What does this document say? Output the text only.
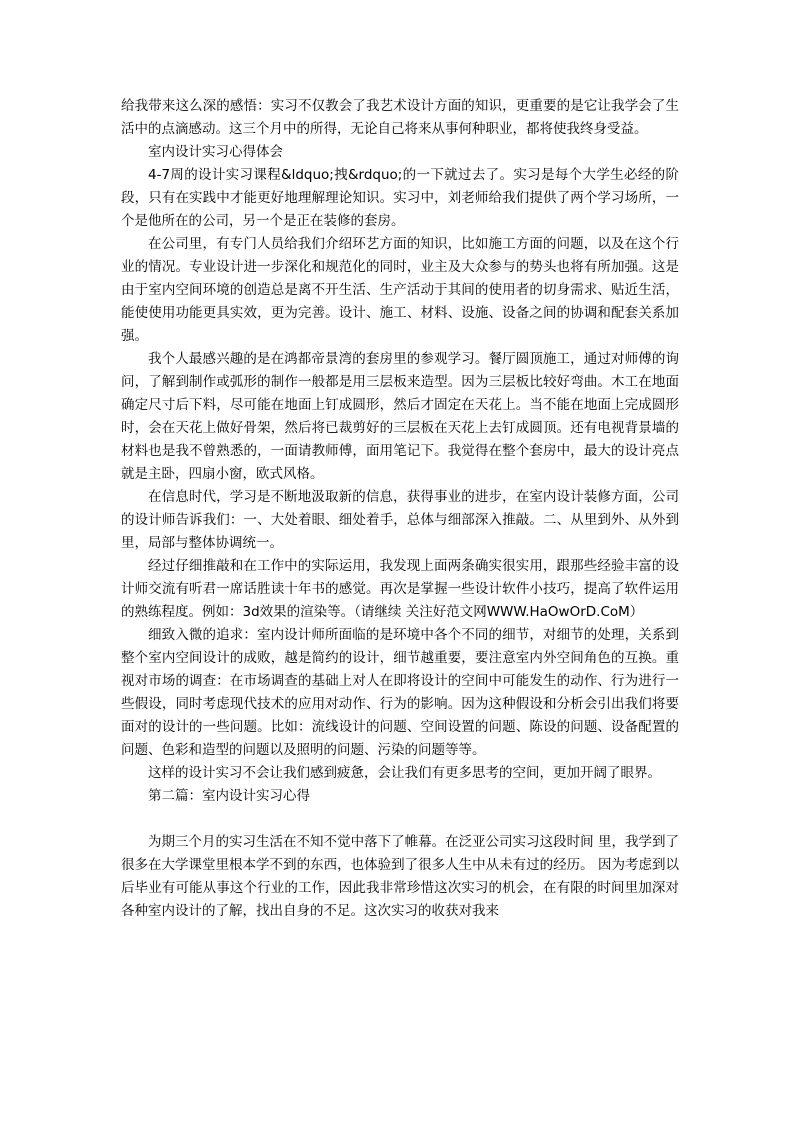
给我带来这么深的感悟：实习不仅教会了我艺术设计方面的知识，更重要的是它让我学会了生活中的点滴感动。这三个月中的所得，无论自己将来从事何种职业，都将使我终身受益。

室内设计实习心得体会

4-7周的设计实习课程&ldquo;拽&rdquo;的一下就过去了。实习是每个大学生必经的阶段，只有在实践中才能更好地理解理论知识。实习中，刘老师给我们提供了两个学习场所，一个是他所在的公司，另一个是正在装修的套房。

在公司里，有专门人员给我们介绍环艺方面的知识，比如施工方面的问题，以及在这个行业的情况。专业设计进一步深化和规范化的同时，业主及大众参与的势头也将有所加强。这是由于室内空间环境的创造总是离不开生活、生产活动于其间的使用者的切身需求、贴近生活，能使使用功能更具实效，更为完善。设计、施工、材料、设施、设备之间的协调和配套关系加强。

我个人最感兴趣的是在鸿都帝景湾的套房里的参观学习。餐厅圆顶施工，通过对师傅的询问，了解到制作或弧形的制作一般都是用三层板来造型。因为三层板比较好弯曲。木工在地面确定尺寸后下料，尽可能在地面上钉成圆形，然后才固定在天花上。当不能在地面上完成圆形时，会在天花上做好骨架，然后将已裁剪好的三层板在天花上去钉成圆顶。还有电视背景墙的材料也是我不曾熟悉的，一面请教师傅，面用笔记下。我觉得在整个套房中，最大的设计亮点就是主卧，四扇小窗，欧式风格。

在信息时代，学习是不断地汲取新的信息，获得事业的进步，在室内设计装修方面，公司的设计师告诉我们：一、大处着眼、细处着手，总体与细部深入推敲。二、从里到外、从外到里，局部与整体协调统一。

经过仔细推敲和在工作中的实际运用，我发现上面两条确实很实用，跟那些经验丰富的设计师交流有听君一席话胜读十年书的感觉。再次是掌握一些设计软件小技巧，提高了软件运用的熟练程度。例如：3d效果的渲染等。（请继续 关注好范文网WWW.HaOwOrD.CoM）

细致入微的追求：室内设计师所面临的是环境中各个不同的细节，对细节的处理，关系到整个室内空间设计的成败，越是简约的设计，细节越重要，要注意室内外空间角色的互换。重视对市场的调查：在市场调查的基础上对人在即将设计的空间中可能发生的动作、行为进行一些假设，同时考虑现代技术的应用对动作、行为的影响。因为这种假设和分析会引出我们将要面对的设计的一些问题。比如：流线设计的问题、空间设置的问题、陈设的问题、设备配置的问题、色彩和造型的问题以及照明的问题、污染的问题等等。

这样的设计实习不会让我们感到疲惫，会让我们有更多思考的空间，更加开阔了眼界。

第二篇：室内设计实习心得

为期三个月的实习生活在不知不觉中落下了帷幕。在泛亚公司实习这段时间 里，我学到了很多在大学课堂里根本学不到的东西，也体验到了很多人生中从未有过的经历。 因为考虑到以后毕业有可能从事这个行业的工作，因此我非常珍惜这次实习的机会，在有限的时间里加深对各种室内设计的了解，找出自身的不足。这次实习的收获对我来
